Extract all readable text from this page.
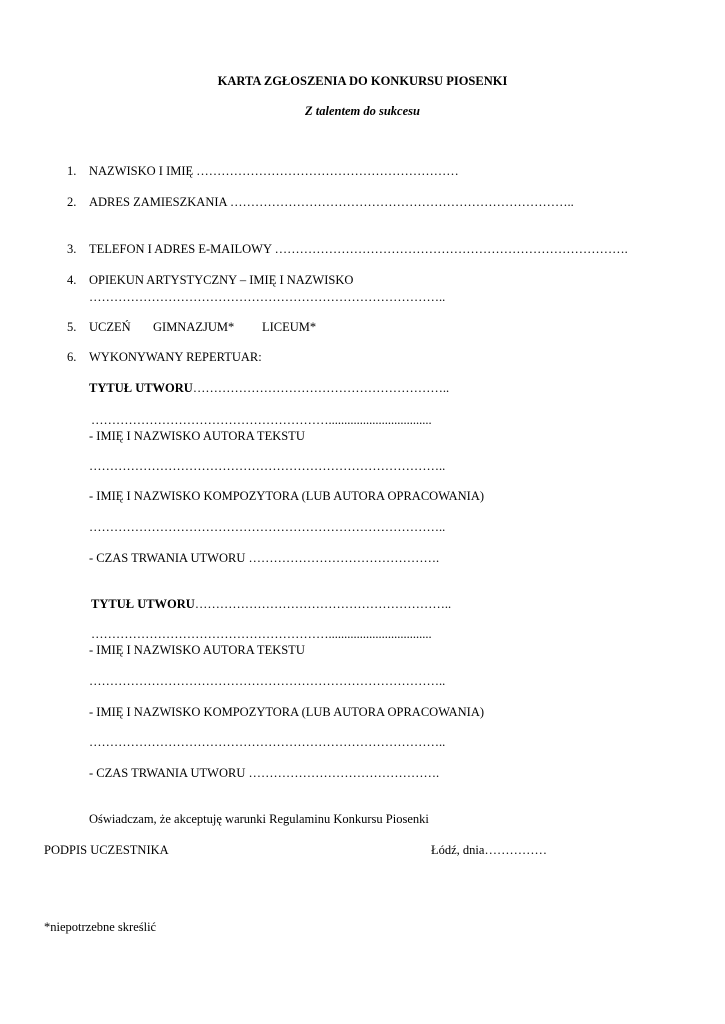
KARTA ZGŁOSZENIA DO KONKURSU PIOSENKI
Z talentem do sukcesu
1. NAZWISKO I IMIĘ ………………………………………………………
2. ADRES ZAMIESZKANIA ………………………………………………………………………..
3. TELEFON I ADRES E-MAILOWY ………………………………………………………………………….
4. OPIEKUN ARTYSTYCZNY – IMIĘ I NAZWISKO
…………………………………………………………………………..
5. UCZEŃ GIMNAZJUM* LICEUM*
6. WYKONYWANY REPERTUAR:
TYTUŁ UTWORU……………………………………………………..
………………………………………………….................................
- IMIĘ I NAZWISKO AUTORA TEKSTU
…………………………………………………………………………..
- IMIĘ I NAZWISKO KOMPOZYTORA (LUB AUTORA OPRACOWANIA)
…………………………………………………………………………..
- CZAS TRWANIA UTWORU ……………………………………….
TYTUŁ UTWORU……………………………………………………..
………………………………………………….................................
- IMIĘ I NAZWISKO AUTORA TEKSTU
…………………………………………………………………………..
- IMIĘ I NAZWISKO KOMPOZYTORA (LUB AUTORA OPRACOWANIA)
…………………………………………………………………………..
- CZAS TRWANIA UTWORU ……………………………………….
Oświadczam, że akceptuję warunki Regulaminu Konkursu Piosenki
PODPIS UCZESTNIKA	Łódź, dnia……………
*niepotrzebne skreślić
